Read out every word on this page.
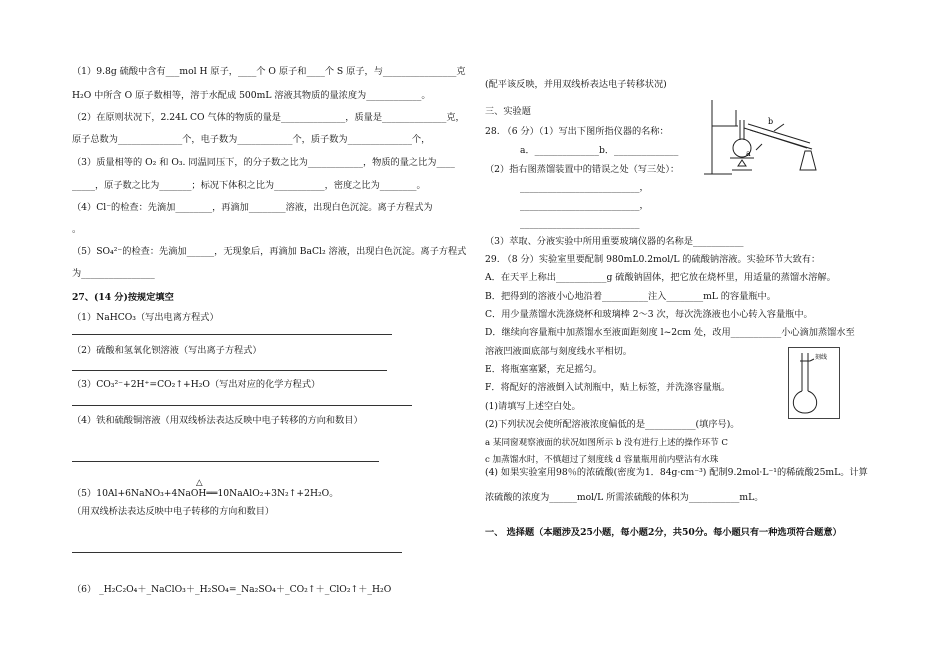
（1）9.8g 硫酸中含有___mol H 原子，____个 O 原子和____个 S 原子，与________________克
H₂O 中所含 O 原子数相等，溶于水配成 500mL 溶液其物质的量浓度为____________。
（2）在原则状况下，2.24L CO 气体的物质的量是______________，质量是______________克，
原子总数为______________个，电子数为____________个，质子数为______________个，
（3）质量相等的 O₂ 和 O₃. 同温同压下，的分子数之比为____________，物质的量之比为____
_____，原子数之比为_______；标况下体积之比为___________，密度之比为________。
（4）Cl⁻的检查：先滴加________，再滴加________溶液，出现白色沉淀。离子方程式为
。
（5）SO₄²⁻的检查：先滴加______，无现象后，再滴加 BaCl₂ 溶液，出现白色沉淀。离子方程式
为________________
27、(14 分)按规定填空
（1）NaHCO₃（写出电离方程式）
（2）硫酸和氢氧化钡溶液（写出离子方程式）
（3）CO₃²⁻+2H⁺=CO₂↑+H₂O（写出对应的化学方程式）
（4）铁和硫酸铜溶液（用双线桥法表达反映中电子转移的方向和数目）
△
（5）10Al+6NaNO₃+4NaOH══10NaAlO₂+3N₂↑+2H₂O。
（用双线桥法表达反映中电子转移的方向和数目）
（6） _H₂C₂O₄＋_NaClO₃＋_H₂SO₄=_Na₂SO₄＋_CO₂↑＋_ClO₂↑＋_H₂O
(配平该反映，并用双线桥表达电子转移状况)
三、实验题
28. （6 分）（1）写出下图所指仪器的名称：
a．______________b．______________
（2）指右图蒸馏装置中的错误之处（写三处）：
__________________________，
__________________________，
__________________________
b
a
（3）萃取、分液实验中所用重要玻璃仪器的名称是___________
29. （8 分）实验室里要配制 980mL0.2mol/L 的硫酸钠溶液。实验环节大致有：
A．在天平上称出___________g 硫酸钠固体，把它放在烧杯里，用适量的蒸馏水溶解。
B．把得到的溶液小心地沿着__________注入________mL 的容量瓶中。
C．用少量蒸馏水洗涤烧杯和玻璃棒 2～3 次，每次洗涤液也小心转入容量瓶中。
D．继续向容量瓶中加蒸馏水至液面距刻度 l~2cm 处，改用___________小心滴加蒸馏水至
溶液凹液面底部与刻度线水平相切。
E．将瓶塞塞紧，充足摇匀。
F．将配好的溶液倒入试剂瓶中，贴上标签，并洗涤容量瓶。
(1)请填写上述空白处。
(2)下列状况会使所配溶液浓度偏低的是___________(填序号)。
a 某同窗观察液面的状况如图所示 b 没有进行上述的操作环节 C
c 加蒸馏水时，不慎超过了刻度线 d 容量瓶用前内壁沾有水珠
(4) 如果实验室用98％的浓硫酸(密度为1．84g·cm⁻³) 配制9.2mol·L⁻¹的稀硫酸25mL。计算
浓硫酸的浓度为______mol/L 所需浓硫酸的体积为___________mL。
刻线
一、 选择题（本题涉及25小题，每小题2分，共50分。每小题只有一种选项符合题意）
